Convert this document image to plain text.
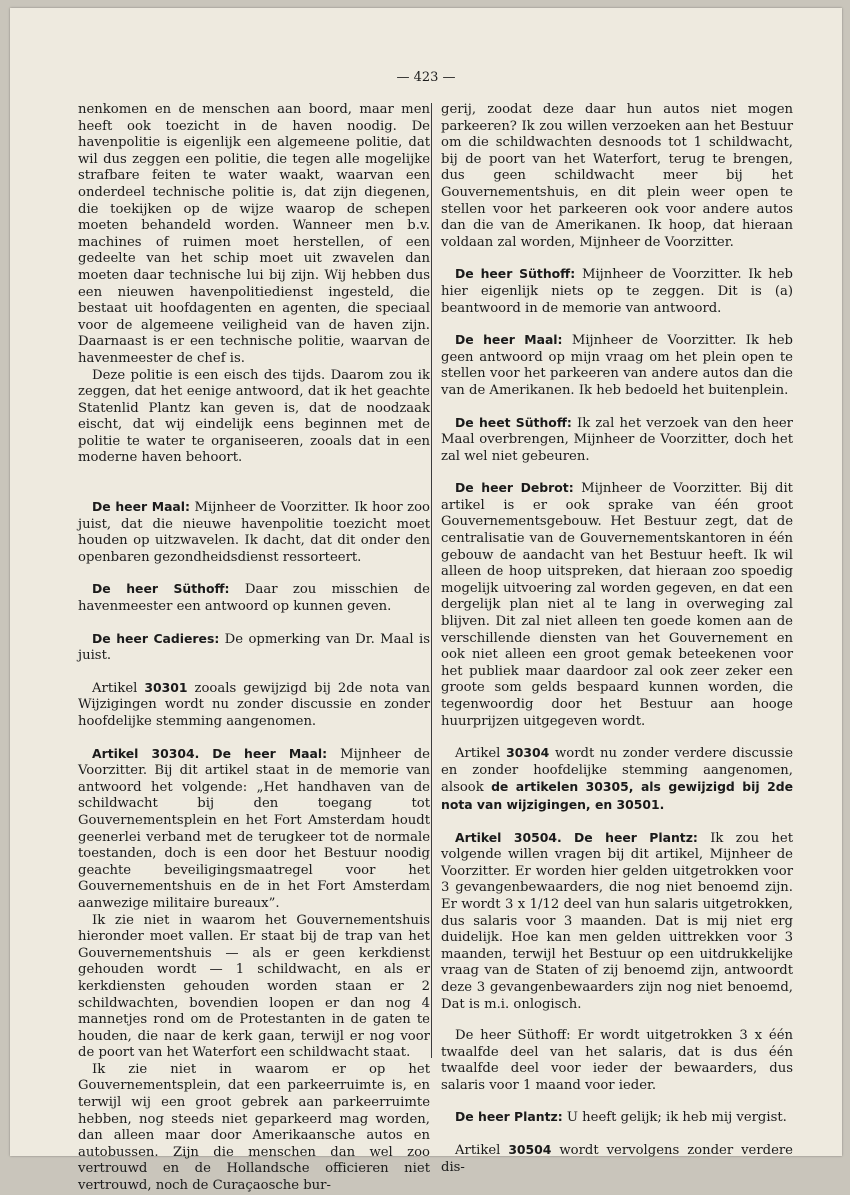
— 423 —

nenkomen en de menschen aan boord, maar men heeft ook toezicht in de haven noodig. De havenpolitie is eigenlijk een algemeene politie, dat wil dus zeggen een politie, die tegen alle mogelijke strafbare feiten te water waakt, waarvan een onderdeel technische politie is, dat zijn diegenen, die toekijken op de wijze waarop de schepen moeten behandeld worden. Wanneer men b.v. machines of ruimen moet herstellen, of een gedeelte van het schip moet uit zwavelen dan moeten daar technische lui bij zijn. Wij hebben dus een nieuwen havenpolitiedienst ingesteld, die bestaat uit hoofdagenten en agenten, die speciaal voor de algemeene veiligheid van de haven zijn. Daarnaast is er een technische politie, waarvan de havenmeester de chef is.

Deze politie is een eisch des tijds. Daarom zou ik zeggen, dat het eenige antwoord, dat ik het geachte Statenlid Plantz kan geven is, dat de noodzaak eischt, dat wij eindelijk eens beginnen met de politie te water te organiseeren, zooals dat in een moderne haven behoort.

De heer Maal: Mijnheer de Voorzitter. Ik hoor zoo juist, dat die nieuwe havenpolitie toezicht moet houden op uitzwavelen. Ik dacht, dat dit onder den openbaren gezondheidsdienst ressorteert.

De heer Süthoff: Daar zou misschien de havenmeester een antwoord op kunnen geven.

De heer Cadieres: De opmerking van Dr. Maal is juist.

Artikel 30301 zooals gewijzigd bij 2de nota van Wijzigingen wordt nu zonder discussie en zonder hoofdelijke stemming aangenomen.

Artikel 30304. De heer Maal: Mijnheer de Voorzitter. Bij dit artikel staat in de memorie van antwoord het volgende: „Het handhaven van de schildwacht bij den toegang tot Gouvernementsplein en het Fort Amsterdam houdt geenerlei verband met de terugkeer tot de normale toestanden, doch is een door het Bestuur noodig geachte beveiligingsmaatregel voor het Gouvernementshuis en de in het Fort Amsterdam aanwezige militaire bureaux”.

Ik zie niet in waarom het Gouvernementshuis hieronder moet vallen. Er staat bij de trap van het Gouvernementshuis — als er geen kerkdienst gehouden wordt — 1 schildwacht, en als er kerkdiensten gehouden worden staan er 2 schildwachten, bovendien loopen er dan nog 4 mannetjes rond om de Protestanten in de gaten te houden, die naar de kerk gaan, terwijl er nog voor de poort van het Waterfort een schildwacht staat.

Ik zie niet in waarom er op het Gouvernementsplein, dat een parkeerruimte is, en terwijl wij een groot gebrek aan parkeerruimte hebben, nog steeds niet geparkeerd mag worden, dan alleen maar door Amerikaansche autos en autobussen. Zijn die menschen dan wel zoo vertrouwd en de Hollandsche officieren niet vertrouwd, noch de Curaçaosche bur-

gerij, zoodat deze daar hun autos niet mogen parkeeren? Ik zou willen verzoeken aan het Bestuur om die schildwachten desnoods tot 1 schildwacht, bij de poort van het Waterfort, terug te brengen, dus geen schildwacht meer bij het Gouvernementshuis, en dit plein weer open te stellen voor het parkeeren ook voor andere autos dan die van de Amerikanen. Ik hoop, dat hieraan voldaan zal worden, Mijnheer de Voorzitter.

De heer Süthoff: Mijnheer de Voorzitter. Ik heb hier eigenlijk niets op te zeggen. Dit is (a) beantwoord in de memorie van antwoord.

De heer Maal: Mijnheer de Voorzitter. Ik heb geen antwoord op mijn vraag om het plein open te stellen voor het parkeeren van andere autos dan die van de Amerikanen. Ik heb bedoeld het buitenplein.

De heet Süthoff: Ik zal het verzoek van den heer Maal overbrengen, Mijnheer de Voorzitter, doch het zal wel niet gebeuren.

De heer Debrot: Mijnheer de Voorzitter. Bij dit artikel is er ook sprake van één groot Gouvernementsgebouw. Het Bestuur zegt, dat de centralisatie van de Gouvernementskantoren in één gebouw de aandacht van het Bestuur heeft. Ik wil alleen de hoop uitspreken, dat hieraan zoo spoedig mogelijk uitvoering zal worden gegeven, en dat een dergelijk plan niet al te lang in overweging zal blijven. Dit zal niet alleen ten goede komen aan de verschillende diensten van het Gouvernement en ook niet alleen een groot gemak beteekenen voor het publiek maar daardoor zal ook zeer zeker een groote som gelds bespaard kunnen worden, die tegenwoordig door het Bestuur aan hooge huurprijzen uitgegeven wordt.

Artikel 30304 wordt nu zonder verdere discussie en zonder hoofdelijke stemming aangenomen, alsook de artikelen 30305, als gewijzigd bij 2de nota van wijzigingen, en 30501.

Artikel 30504. De heer Plantz: Ik zou het volgende willen vragen bij dit artikel, Mijnheer de Voorzitter. Er worden hier gelden uitgetrokken voor 3 gevangenbewaarders, die nog niet benoemd zijn. Er wordt 3 x 1/12 deel van hun salaris uitgetrokken, dus salaris voor 3 maanden. Dat is mij niet erg duidelijk. Hoe kan men gelden uittrekken voor 3 maanden, terwijl het Bestuur op een uitdrukkelijke vraag van de Staten of zij benoemd zijn, antwoordt deze 3 gevangenbewaarders zijn nog niet benoemd, Dat is m.i. onlogisch.

De heer Süthoff: Er wordt uitgetrokken 3 x één twaalfde deel van het salaris, dat is dus één twaalfde deel voor ieder der bewaarders, dus salaris voor 1 maand voor ieder.

De heer Plantz: U heeft gelijk; ik heb mij vergist.

Artikel 30504 wordt vervolgens zonder verdere dis-
